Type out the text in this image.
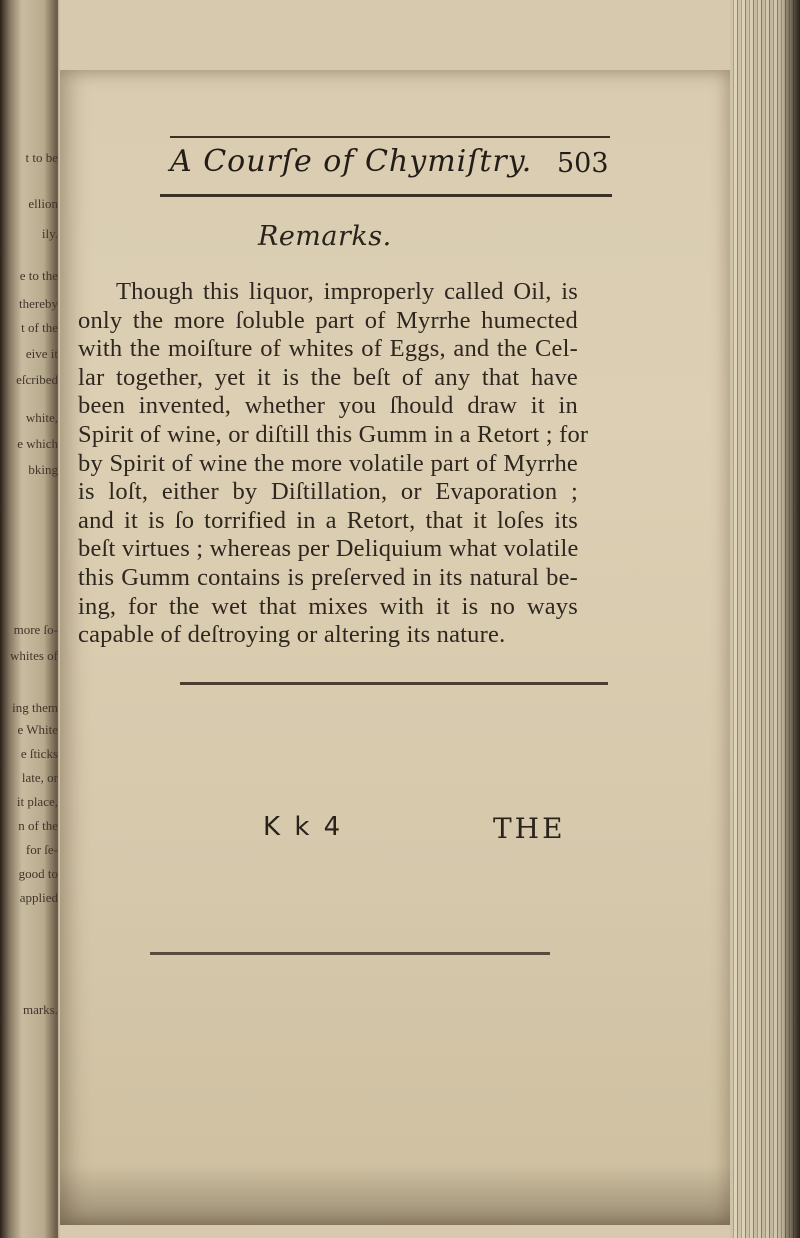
t to be
ellion
ily.
e to the
thereby
t of the
eive it
eſcribed
white,
e which
bking
more ſo-
whites of
ing them
e White
e ſticks
late, or
it place,
n of the
for ſe-
good to
applied
marks.
A Courſe of Chymiſtry. 503
Remarks.
Though this liquor, improperly called Oil, is
only the more ſoluble part of Myrrhe humected
with the moiſture of whites of Eggs, and the Cel-
lar together, yet it is the beſt of any that have
been invented, whether you ſhould draw it in
Spirit of wine, or diſtill this Gumm in a Retort ; for
by Spirit of wine the more volatile part of Myrrhe
is loſt, either by Diſtillation, or Evaporation ;
and it is ſo torrified in a Retort, that it loſes its
beſt virtues ; whereas per Deliquium what volatile
this Gumm contains is preſerved in its natural be-
ing, for the wet that mixes with it is no ways
capable of deſtroying or altering its nature.
K k 4	THE
